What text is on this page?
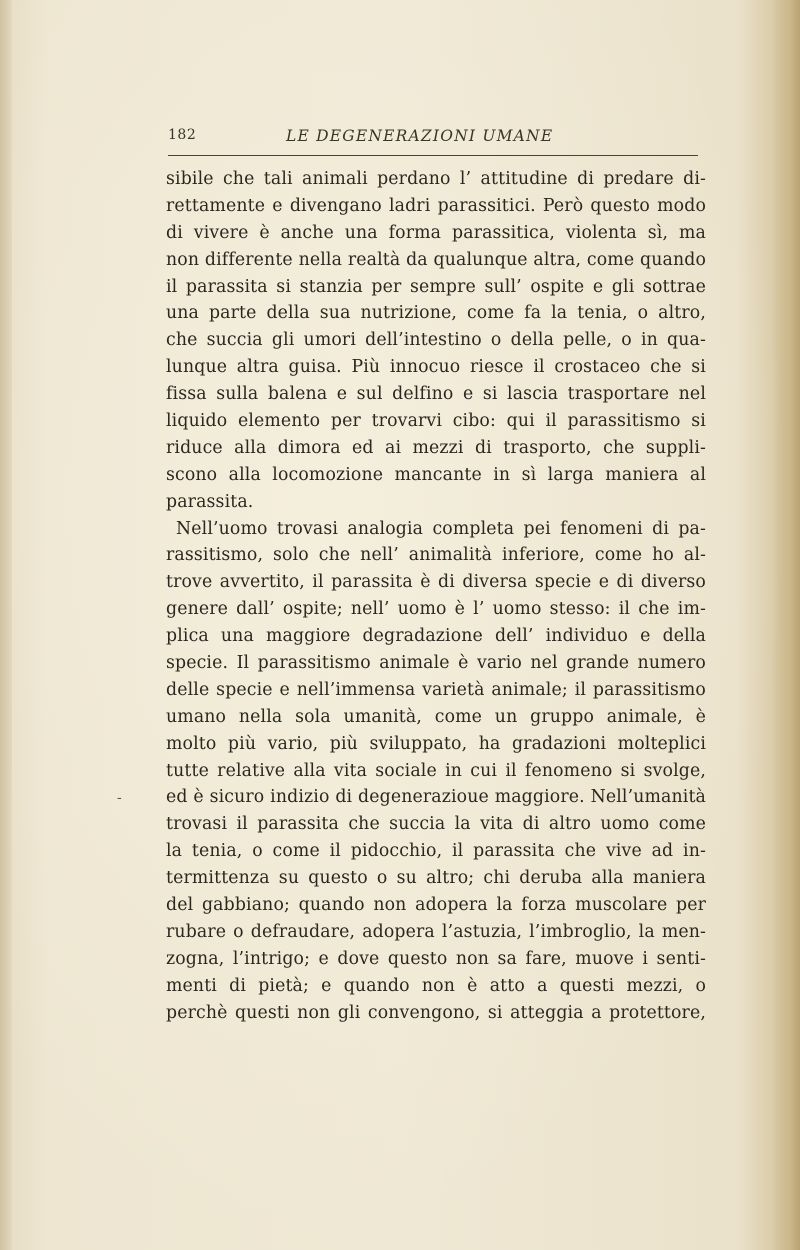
182	LE DEGENERAZIONI UMANE
-
sibile che tali animali perdano l’ attitudine di predare di-
rettamente e divengano ladri parassitici. Però questo modo
di vivere è anche una forma parassitica, violenta sì, ma
non differente nella realtà da qualunque altra, come quando
il parassita si stanzia per sempre sull’ ospite e gli sottrae
una parte della sua nutrizione, come fa la tenia, o altro,
che succia gli umori dell’intestino o della pelle, o in qua-
lunque altra guisa. Più innocuo riesce il crostaceo che si
fissa sulla balena e sul delfino e si lascia trasportare nel
liquido elemento per trovarvi cibo: qui il parassitismo si
riduce alla dimora ed ai mezzi di trasporto, che suppli-
scono alla locomozione mancante in sì larga maniera al
parassita.
Nell’uomo trovasi analogia completa pei fenomeni di pa-
rassitismo, solo che nell’ animalità inferiore, come ho al-
trove avvertito, il parassita è di diversa specie e di diverso
genere dall’ ospite; nell’ uomo è l’ uomo stesso: il che im-
plica una maggiore degradazione dell’ individuo e della
specie. Il parassitismo animale è vario nel grande numero
delle specie e nell’immensa varietà animale; il parassitismo
umano nella sola umanità, come un gruppo animale, è
molto più vario, più sviluppato, ha gradazioni molteplici
tutte relative alla vita sociale in cui il fenomeno si svolge,
ed è sicuro indizio di degenerazioue maggiore. Nell’umanità
trovasi il parassita che succia la vita di altro uomo come
la tenia, o come il pidocchio, il parassita che vive ad in-
termittenza su questo o su altro; chi deruba alla maniera
del gabbiano; quando non adopera la forza muscolare per
rubare o defraudare, adopera l’astuzia, l’imbroglio, la men-
zogna, l’intrigo; e dove questo non sa fare, muove i senti-
menti di pietà; e quando non è atto a questi mezzi, o
perchè questi non gli convengono, si atteggia a protettore,
